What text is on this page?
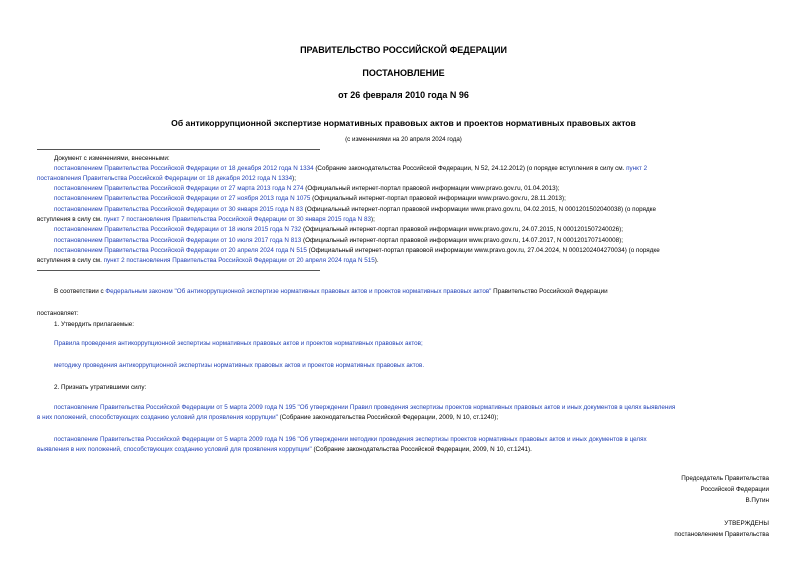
ПРАВИТЕЛЬСТВО РОССИЙСКОЙ ФЕДЕРАЦИИ
ПОСТАНОВЛЕНИЕ
от 26 февраля 2010 года N 96
Об антикоррупционной экспертизе нормативных правовых актов и проектов нормативных правовых актов
(с изменениями на 20 апреля 2024 года)
Документ с изменениями, внесенными:
постановлением Правительства Российской Федерации от 18 декабря 2012 года N 1334 (Собрание законодательства Российской Федерации, N 52, 24.12.2012) (о порядке вступления в силу см. пункт 2
постановления Правительства Российской Федерации от 18 декабря 2012 года N 1334);
постановлением Правительства Российской Федерации от 27 марта 2013 года N 274 (Официальный интернет-портал правовой информации www.pravo.gov.ru, 01.04.2013);
постановлением Правительства Российской Федерации от 27 ноября 2013 года N 1075 (Официальный интернет-портал правовой информации www.pravo.gov.ru, 28.11.2013);
постановлением Правительства Российской Федерации от 30 января 2015 года N 83 (Официальный интернет-портал правовой информации www.pravo.gov.ru, 04.02.2015, N 0001201502040038) (о порядке
вступления в силу см. пункт 7 постановления Правительства Российской Федерации от 30 января 2015 года N 83);
постановлением Правительства Российской Федерации от 18 июля 2015 года N 732 (Официальный интернет-портал правовой информации www.pravo.gov.ru, 24.07.2015, N 0001201507240026);
постановлением Правительства Российской Федерации от 10 июля 2017 года N 813 (Официальный интернет-портал правовой информации www.pravo.gov.ru, 14.07.2017, N 0001201707140008);
постановлением Правительства Российской Федерации от 20 апреля 2024 года N 515 (Официальный интернет-портал правовой информации www.pravo.gov.ru, 27.04.2024, N 0001202404270034) (о порядке
вступления в силу см. пункт 2 постановления Правительства Российской Федерации от 20 апреля 2024 года N 515).
В соответствии с Федеральным законом "Об антикоррупционной экспертизе нормативных правовых актов и проектов нормативных правовых актов" Правительство Российской Федерации
постановляет:
1. Утвердить прилагаемые:
Правила проведения антикоррупционной экспертизы нормативных правовых актов и проектов нормативных правовых актов;
методику проведения антикоррупционной экспертизы нормативных правовых актов и проектов нормативных правовых актов.
2. Признать утратившими силу:
постановление Правительства Российской Федерации от 5 марта 2009 года N 195 "Об утверждении Правил проведения экспертизы проектов нормативных правовых актов и иных документов в целях выявления
в них положений, способствующих созданию условий для проявления коррупции" (Собрание законодательства Российской Федерации, 2009, N 10, ст.1240);
постановление Правительства Российской Федерации от 5 марта 2009 года N 196 "Об утверждении методики проведения экспертизы проектов нормативных правовых актов и иных документов в целях
выявления в них положений, способствующих созданию условий для проявления коррупции" (Собрание законодательства Российской Федерации, 2009, N 10, ст.1241).
Председатель Правительства
Российской Федерации
В.Путин
УТВЕРЖДЕНЫ
постановлением Правительства
